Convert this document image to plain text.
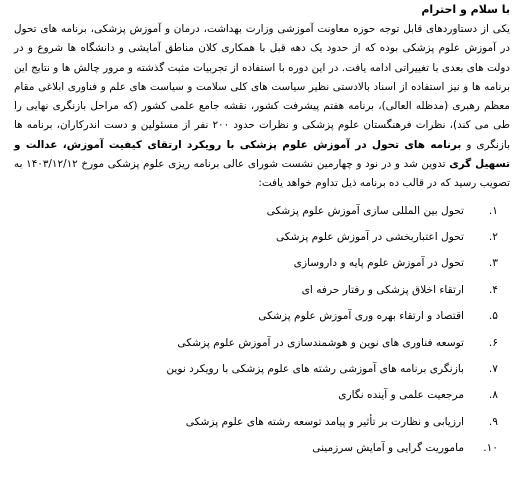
با سلام و احترام

یکی از دستاوردهای قابل توجه حوزه معاونت آموزشی وزارت بهداشت، درمان و آموزش پزشکی، برنامه های تحول در آموزش علوم پزشکی بوده که از حدود یک دهه قبل با همکاری کلان مناطق آمایشی و دانشگاه ها شروع و در دولت های بعدی با تغییراتی ادامه یافت. در این دوره با استفاده از تجربیات مثبت گذشته و مرور چالش ها و نتایج این برنامه ها و نیز استفاده از اسناد بالادستی نظیر سیاست های کلی سلامت و سیاست های علم و فناوری ابلاغی مقام معظم رهبری (مدظله العالی)، برنامه هفتم پیشرفت کشور، نقشه جامع علمی کشور (که مراحل بازنگری نهایی را طی می کند)، نظرات فرهنگستان علوم پزشکی و نظرات حدود ۲۰۰ نفر از مسئولین و دست اندرکاران، برنامه ها بازنگری و برنامه های تحول در آموزش علوم پزشکی با رویکرد ارتقای کیفیت آموزش، عدالت و تسهیل گری تدوین شد و در نود و چهارمین نشست شورای عالی برنامه ریزی علوم پزشکی مورخ ۱۴۰۳/۱۲/۱۲ به تصویب رسید که در قالب ده برنامه ذیل تداوم خواهد یافت:

۱.
تحول بین المللی سازی آموزش علوم پزشکی
۲.
تحول اعتباربخشی در آموزش علوم پزشکی
۳.
تحول در آموزش علوم پایه و داروسازی
۴.
ارتقاء اخلاق پزشکی و رفتار حرفه ای
۵.
اقتصاد و ارتقاء بهره وری آموزش علوم پزشکی
۶.
توسعه فناوری های نوین و هوشمندسازی در آموزش علوم پزشکی
۷.
بازنگری برنامه های آموزشی رشته های علوم پزشکی با رویکرد نوین
۸.
مرجعیت علمی و آینده نگاری
۹.
ارزیابی و نظارت بر تأثیر و پیامد توسعه رشته های علوم پزشکی
۱۰.
ماموریت گرایی و آمایش سرزمینی
